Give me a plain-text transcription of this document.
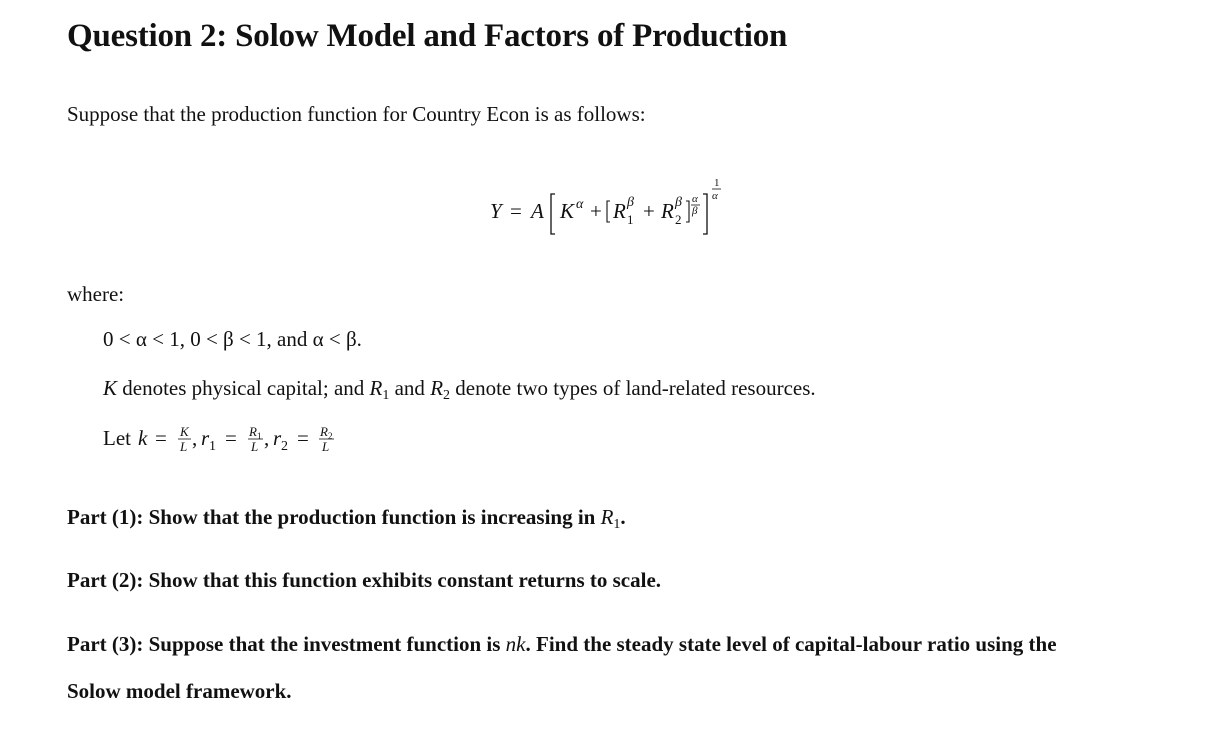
Question 2: Solow Model and Factors of Production
Suppose that the production function for Country Econ is as follows:
Y = A K α + R 1
β + R 2
β α
β
1
α
where:
0 < α < 1, 0 < β < 1, and α < β.
K denotes physical capital; and $R_1$ and $R_2$ denote two types of land-related resources.
Let k = K
L , r 1 = R 1
L , r 2 = R 2
L
Part (1): Show that the production function is increasing in $R_1$.
Part (2): Show that this function exhibits constant returns to scale.
Part (3): Suppose that the investment function is nk. Find the steady state level of capital-labour ratio using the
Solow model framework.
